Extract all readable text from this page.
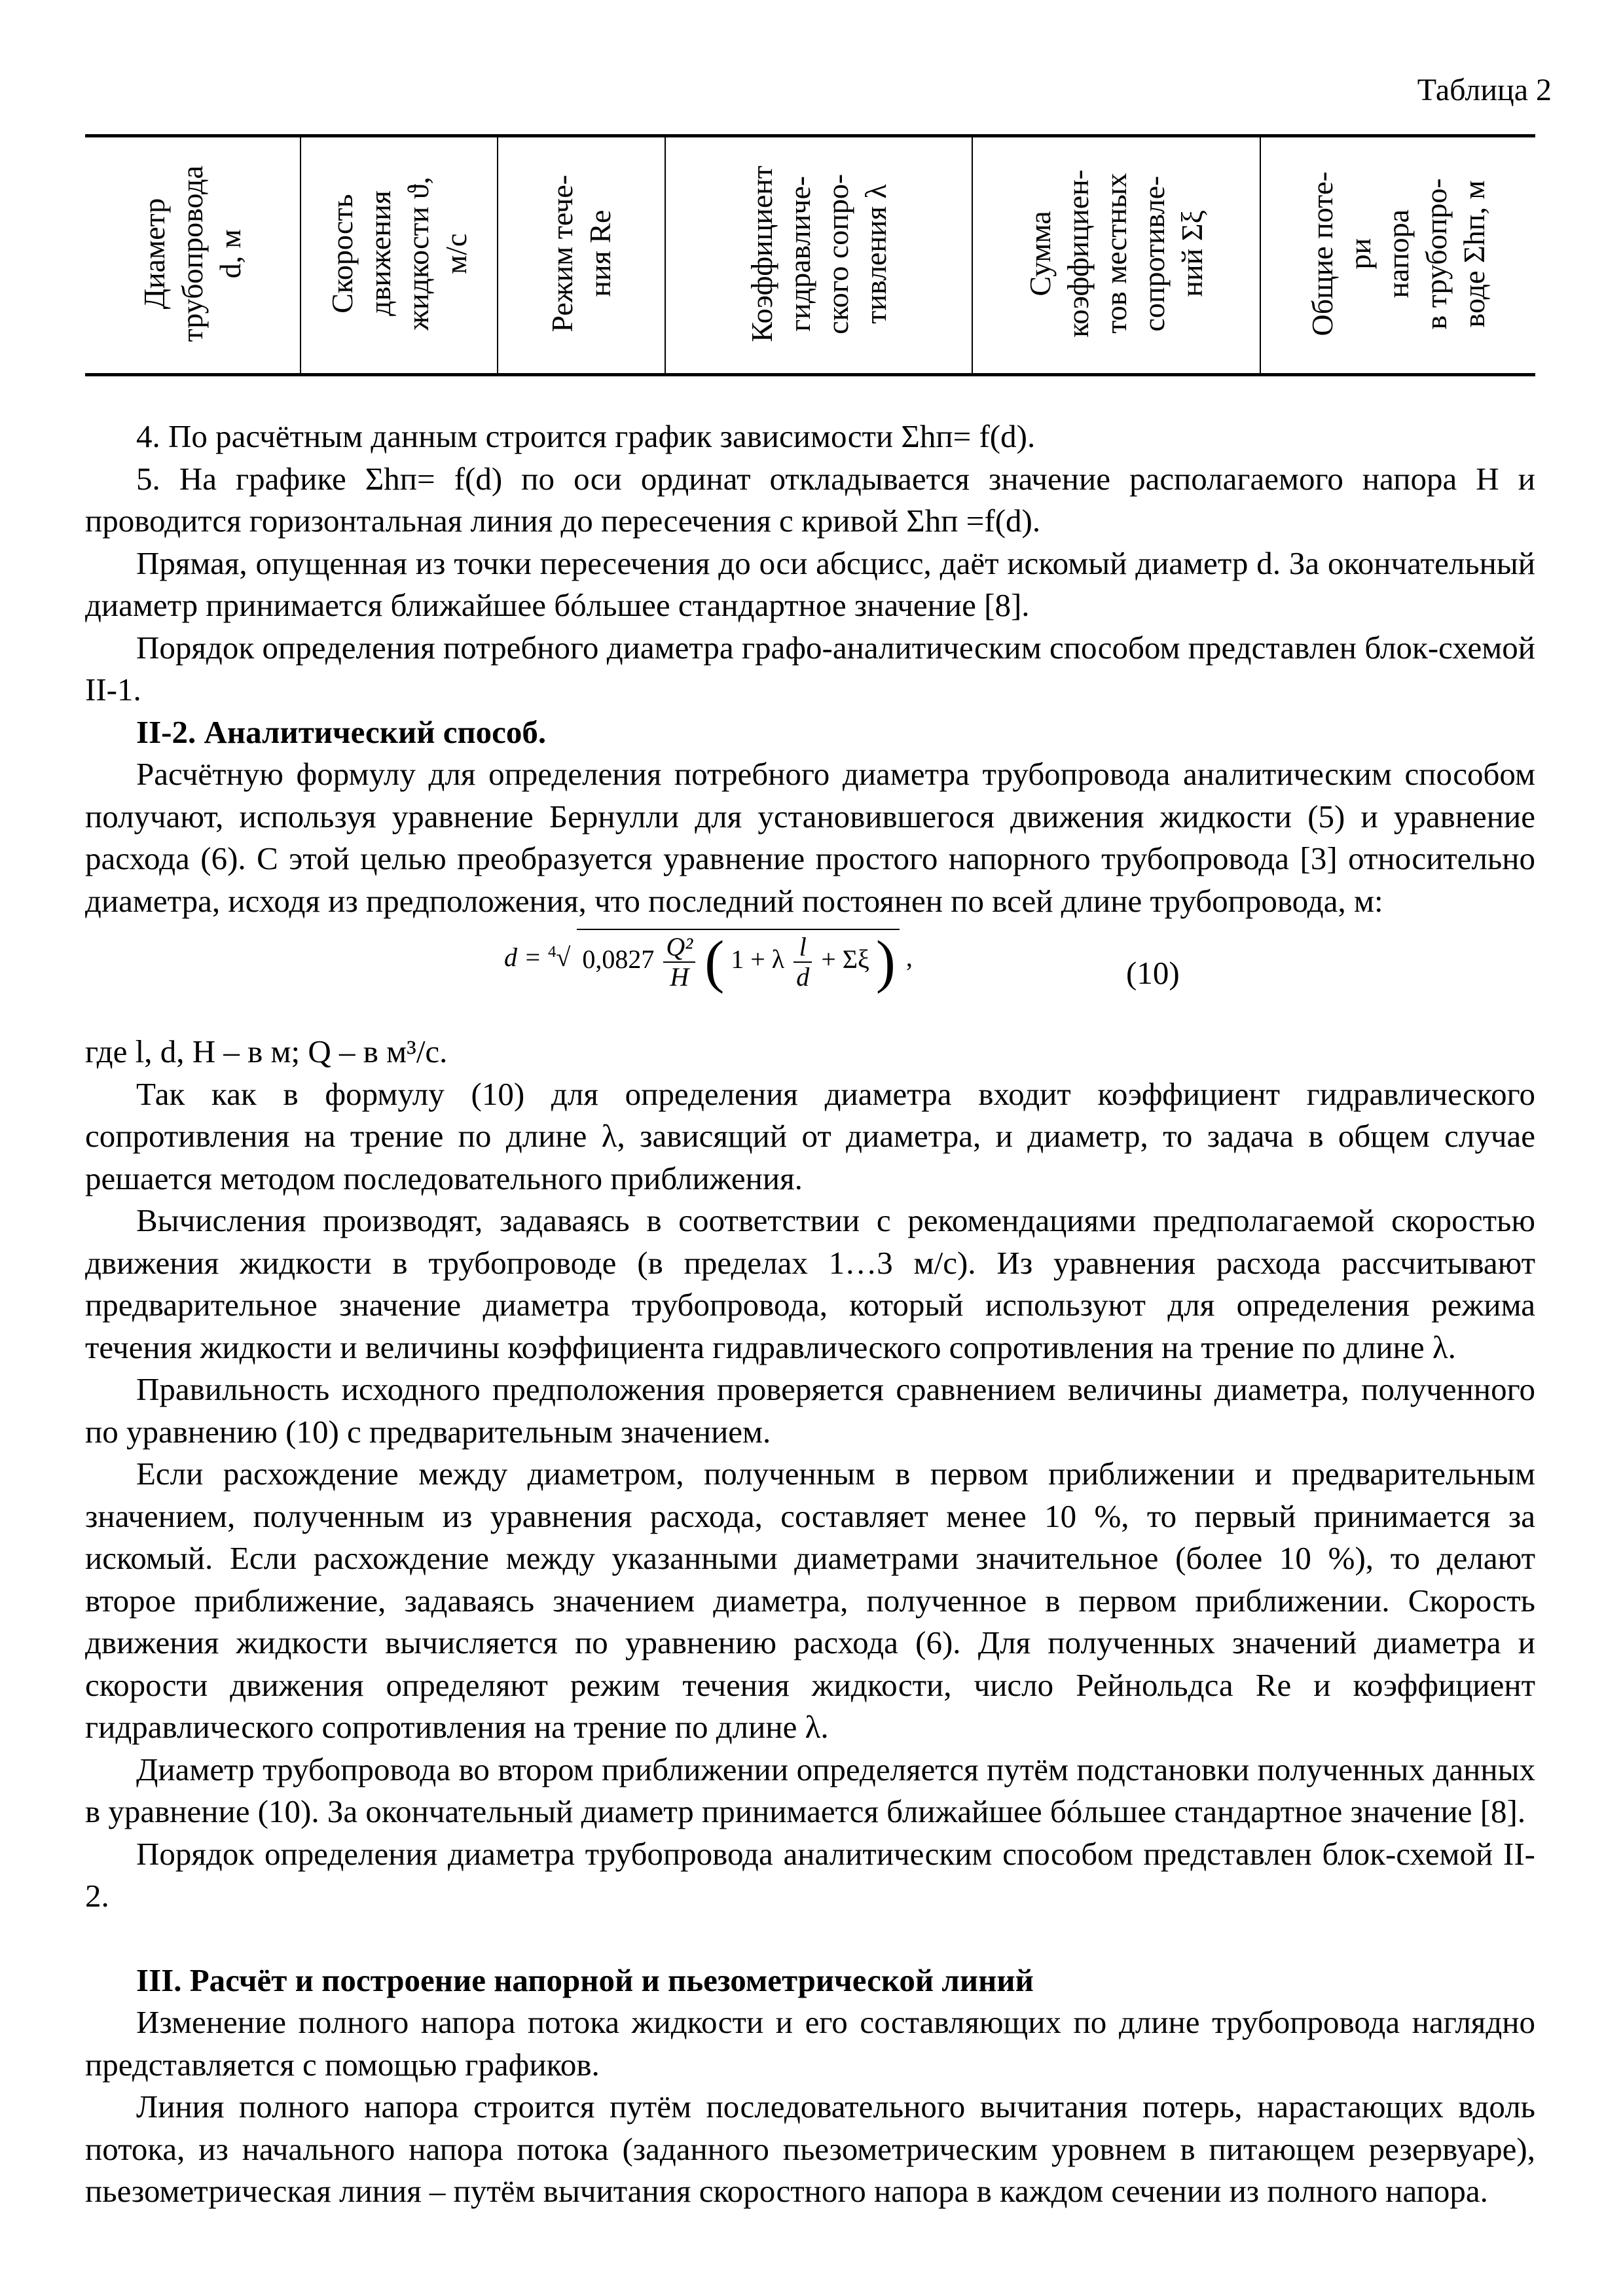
Таблица 2
Диаметр
трубопровода
d, м	Скорость
движения
жидкости ϑ,
м/с	Режим тече-
ния Re	Коэффициент
гидравличе-
ского сопро-
тивления λ	Сумма
коэффициен-
тов местных
сопротивле-
ний Σξ	Общие поте-
ри
напора
в трубопро-
воде Σhп, м

4. По расчётным данным строится график зависимости Σhп= f(d).

5. На графике Σhп= f(d) по оси ординат откладывается значение располагаемого напора H и проводится горизонтальная линия до пересечения с кривой Σhп =f(d).

Прямая, опущенная из точки пересечения до оси абсцисс, даёт искомый диаметр d. За окончательный диаметр принимается ближайшее бóльшее стандартное значение [8].

Порядок определения потребного диаметра графо-аналитическим способом представлен блок-схемой II-1.

II-2. Аналитический способ.

Расчётную формулу для определения потребного диаметра трубопровода аналитическим способом получают, используя уравнение Бернулли для установившегося движения жидкости (5) и уравнение расхода (6). С этой целью преобразуется уравнение простого напорного трубопровода [3] относительно диаметра, исходя из предположения, что последний постоянен по всей длине трубопровода, м:

d = $^4$√ $0,0827 \frac{\text{Q²}}{H}$ ( 1 + λ $\frac{l}{d} + \Sigma\xi$ ) ,	(10)

где l, d, H – в м; Q – в м³/с.

Так как в формулу (10) для определения диаметра входит коэффициент гидравлического сопротивления на трение по длине λ, зависящий от диаметра, и диаметр, то задача в общем случае решается методом последовательного приближения.

Вычисления производят, задаваясь в соответствии с рекомендациями предполагаемой скоростью движения жидкости в трубопроводе (в пределах 1…3 м/с). Из уравнения расхода рассчитывают предварительное значение диаметра трубопровода, который используют для определения режима течения жидкости и величины коэффициента гидравлического сопротивления на трение по длине λ.

Правильность исходного предположения проверяется сравнением величины диаметра, полученного по уравнению (10) с предварительным значением.

Если расхождение между диаметром, полученным в первом приближении и предварительным значением, полученным из уравнения расхода, составляет менее 10 %, то первый принимается за искомый. Если расхождение между указанными диаметрами значительное (более 10 %), то делают второе приближение, задаваясь значением диаметра, полученное в первом приближении. Скорость движения жидкости вычисляется по уравнению расхода (6). Для полученных значений диаметра и скорости движения определяют режим течения жидкости, число Рейнольдса Re и коэффициент гидравлического сопротивления на трение по длине λ.

Диаметр трубопровода во втором приближении определяется путём подстановки полученных данных в уравнение (10). За окончательный диаметр принимается ближайшее бóльшее стандартное значение [8].

Порядок определения диаметра трубопровода аналитическим способом представлен блок-схемой II-2.

III. Расчёт и построение напорной и пьезометрической линий

Изменение полного напора потока жидкости и его составляющих по длине трубопровода наглядно представляется с помощью графиков.

Линия полного напора строится путём последовательного вычитания потерь, нарастающих вдоль потока, из начального напора потока (заданного пьезометрическим уровнем в питающем резервуаре), пьезометрическая линия – путём вычитания скоростного напора в каждом сечении из полного напора.
